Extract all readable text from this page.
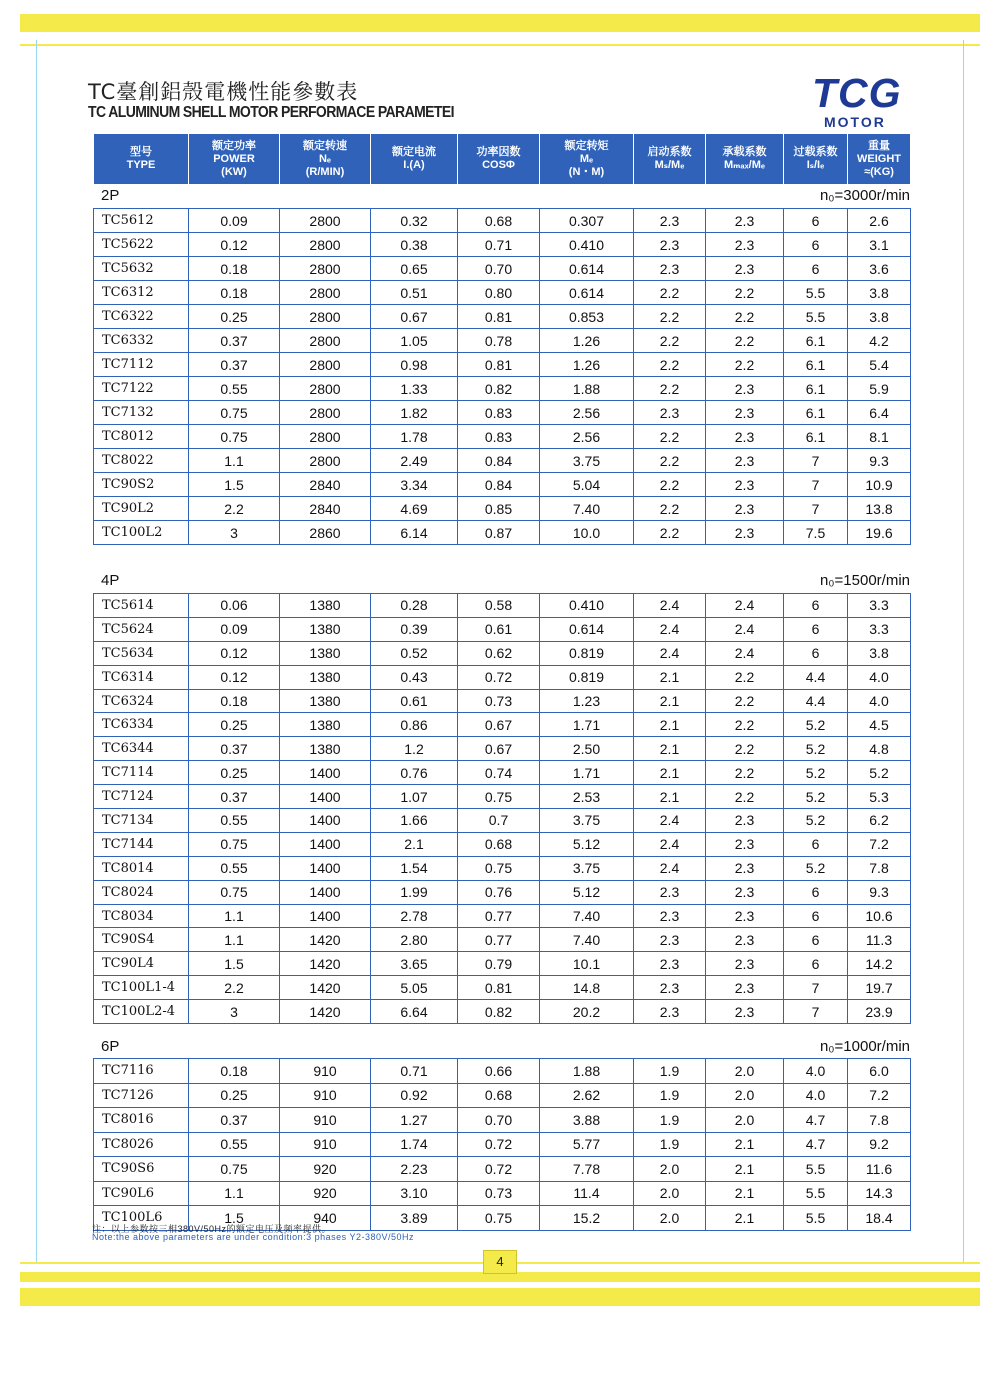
TC臺創鋁殼電機性能參數表
TC ALUMINUM SHELL MOTOR PERFORMACE PARAMETEI	TCG
MOTOR
型号
TYPE

额定功率
POWER
(KW)

额定转速
Nₑ
(R/MIN)

额定电流
I.(A)

功率因数
COSΦ

额定转矩
Mₑ
(N・M)

启动系数
Mₛ/Mₑ

承载系数
Mₘₐₓ/Mₑ

过载系数
Iₛ/Iₑ

重量
WEIGHT
≈(KG)
2P	n₀=3000r/min
4P	n₀=1500r/min
6P	n₀=1000r/min
TC5612	0.09	2800	0.32	0.68	0.307	2.3	2.3	6	2.6
TC5622	0.12	2800	0.38	0.71	0.410	2.3	2.3	6	3.1
TC5632	0.18	2800	0.65	0.70	0.614	2.3	2.3	6	3.6
TC6312	0.18	2800	0.51	0.80	0.614	2.2	2.2	5.5	3.8
TC6322	0.25	2800	0.67	0.81	0.853	2.2	2.2	5.5	3.8
TC6332	0.37	2800	1.05	0.78	1.26	2.2	2.2	6.1	4.2
TC7112	0.37	2800	0.98	0.81	1.26	2.2	2.2	6.1	5.4
TC7122	0.55	2800	1.33	0.82	1.88	2.2	2.3	6.1	5.9
TC7132	0.75	2800	1.82	0.83	2.56	2.3	2.3	6.1	6.4
TC8012	0.75	2800	1.78	0.83	2.56	2.2	2.3	6.1	8.1
TC8022	1.1	2800	2.49	0.84	3.75	2.2	2.3	7	9.3
TC90S2	1.5	2840	3.34	0.84	5.04	2.2	2.3	7	10.9
TC90L2	2.2	2840	4.69	0.85	7.40	2.2	2.3	7	13.8
TC100L2	3	2860	6.14	0.87	10.0	2.2	2.3	7.5	19.6
TC5614	0.06	1380	0.28	0.58	0.410	2.4	2.4	6	3.3
TC5624	0.09	1380	0.39	0.61	0.614	2.4	2.4	6	3.3
TC5634	0.12	1380	0.52	0.62	0.819	2.4	2.4	6	3.8
TC6314	0.12	1380	0.43	0.72	0.819	2.1	2.2	4.4	4.0
TC6324	0.18	1380	0.61	0.73	1.23	2.1	2.2	4.4	4.0
TC6334	0.25	1380	0.86	0.67	1.71	2.1	2.2	5.2	4.5
TC6344	0.37	1380	1.2	0.67	2.50	2.1	2.2	5.2	4.8
TC7114	0.25	1400	0.76	0.74	1.71	2.1	2.2	5.2	5.2
TC7124	0.37	1400	1.07	0.75	2.53	2.1	2.2	5.2	5.3
TC7134	0.55	1400	1.66	0.7	3.75	2.4	2.3	5.2	6.2
TC7144	0.75	1400	2.1	0.68	5.12	2.4	2.3	6	7.2
TC8014	0.55	1400	1.54	0.75	3.75	2.4	2.3	5.2	7.8
TC8024	0.75	1400	1.99	0.76	5.12	2.3	2.3	6	9.3
TC8034	1.1	1400	2.78	0.77	7.40	2.3	2.3	6	10.6
TC90S4	1.1	1420	2.80	0.77	7.40	2.3	2.3	6	11.3
TC90L4	1.5	1420	3.65	0.79	10.1	2.3	2.3	6	14.2
TC100L1-4	2.2	1420	5.05	0.81	14.8	2.3	2.3	7	19.7
TC100L2-4	3	1420	6.64	0.82	20.2	2.3	2.3	7	23.9
TC7116	0.18	910	0.71	0.66	1.88	1.9	2.0	4.0	6.0
TC7126	0.25	910	0.92	0.68	2.62	1.9	2.0	4.0	7.2
TC8016	0.37	910	1.27	0.70	3.88	1.9	2.0	4.7	7.8
TC8026	0.55	910	1.74	0.72	5.77	1.9	2.1	4.7	9.2
TC90S6	0.75	920	2.23	0.72	7.78	2.0	2.1	5.5	11.6
TC90L6	1.1	920	3.10	0.73	11.4	2.0	2.1	5.5	14.3
TC100L6	1.5	940	3.89	0.75	15.2	2.0	2.1	5.5	18.4
注：以上参数按三相380V/50Hz的额定电压及频率提供。
Note:the above parameters are under condition:3 phases Y2-380V/50Hz
4
